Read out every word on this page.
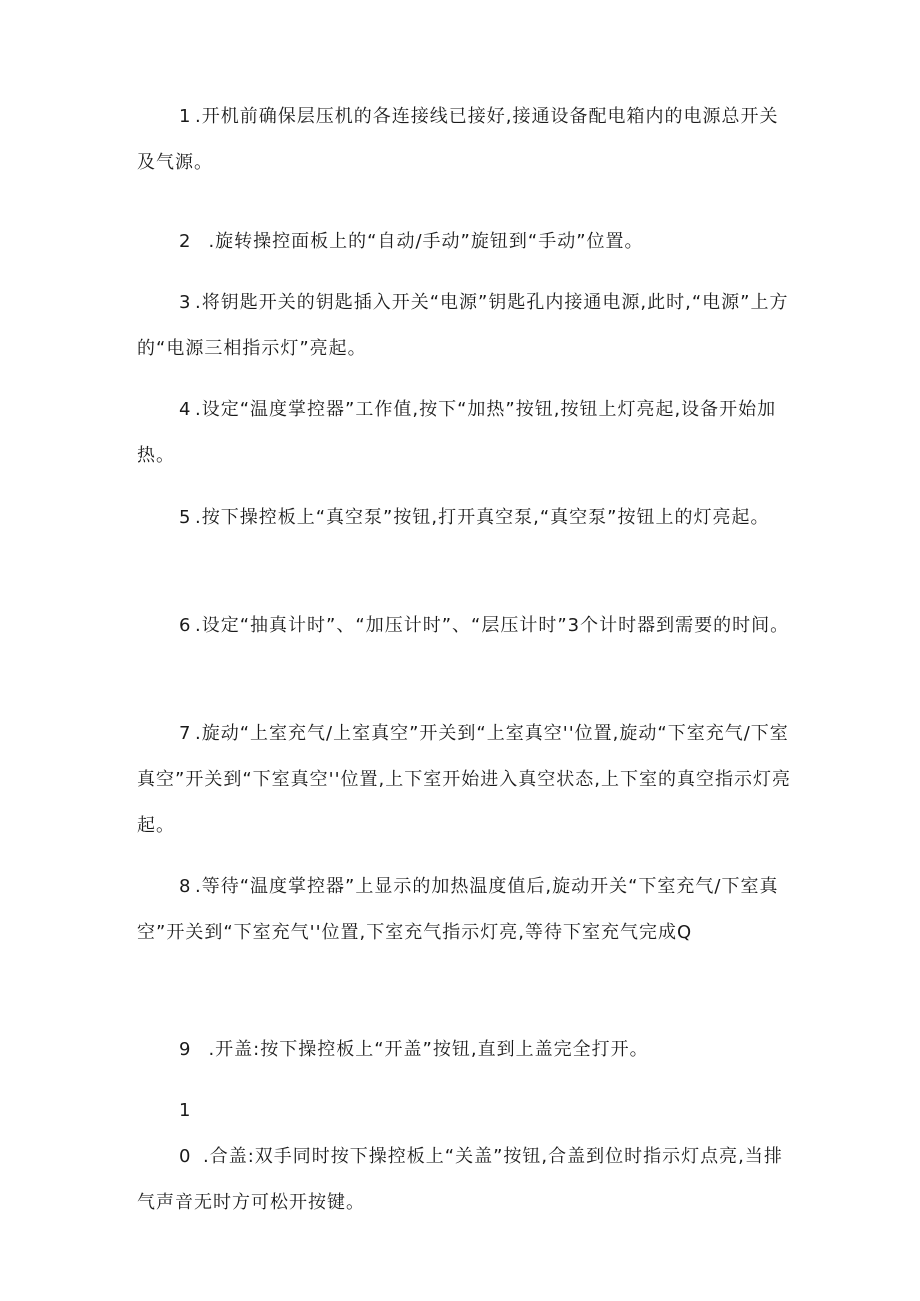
1 .开机前确保层压机的各连接线已接好,接通设备配电箱内的电源总开关及气源。

2  .旋转操控面板上的“自动/手动”旋钮到“手动”位置。

3 .将钥匙开关的钥匙插入开关“电源”钥匙孔内接通电源,此时,“电源”上方的“电源三相指示灯”亮起。

4 .设定“温度掌控器”工作值,按下“加热”按钮,按钮上灯亮起,设备开始加热。

5 .按下操控板上“真空泵”按钮,打开真空泵,“真空泵”按钮上的灯亮起。

6 .设定“抽真计时”、“加压计时”、“层压计时”3个计时器到需要的时间。

7 .旋动“上室充气/上室真空”开关到“上室真空''位置,旋动“下室充气/下室真空”开关到“下室真空''位置,上下室开始进入真空状态,上下室的真空指示灯亮起。

8 .等待“温度掌控器”上显示的加热温度值后,旋动开关“下室充气/下室真空”开关到“下室充气''位置,下室充气指示灯亮,等待下室充气完成Q

9  .开盖:按下操控板上“开盖”按钮,直到上盖完全打开。

10 .合盖:双手同时按下操控板上“关盖”按钮,合盖到位时指示灯点亮,当排气声音无时方可松开按键。
